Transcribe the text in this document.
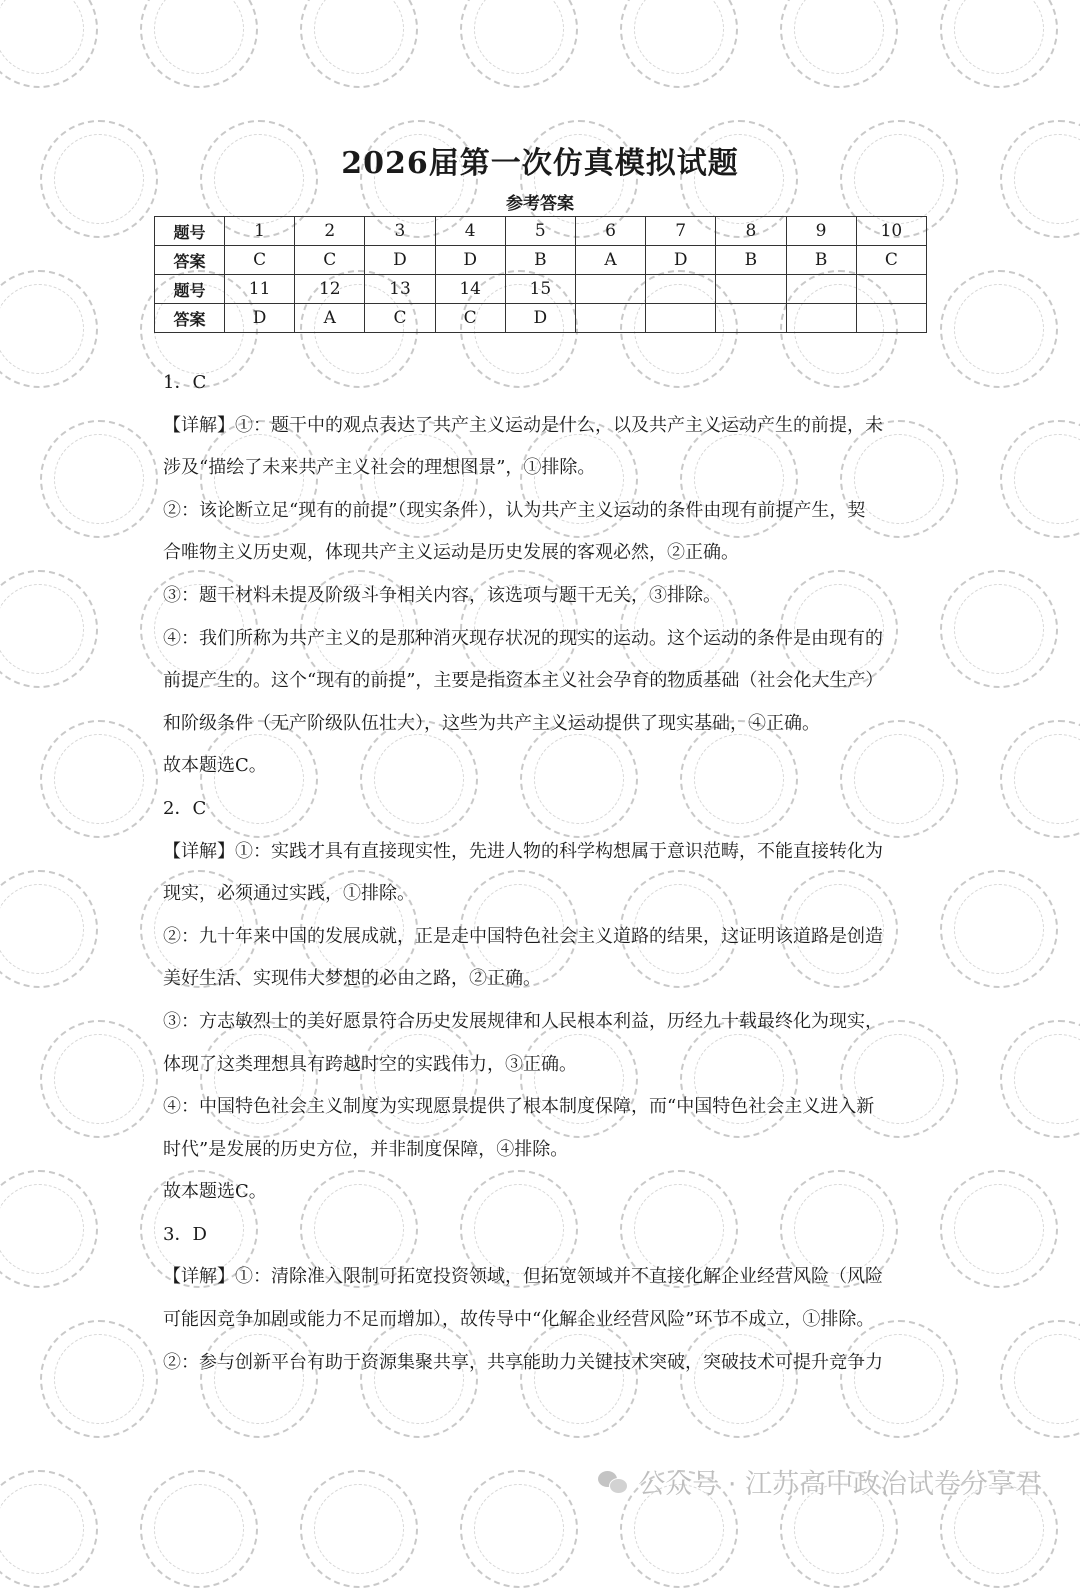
2026届第一次仿真模拟试题
参考答案
题号	1	2	3	4	5	6	7	8	9	10
答案	C	C	D	D	B	A	D	B	B	C
题号	11	12	13	14	15					
答案	D	A	C	C	D					

1．C

【详解】①：题干中的观点表达了共产主义运动是什么，以及共产主义运动产生的前提，未

涉及“描绘了未来共产主义社会的理想图景”，①排除。

②：该论断立足“现有的前提”（现实条件），认为共产主义运动的条件由现有前提产生，契

合唯物主义历史观，体现共产主义运动是历史发展的客观必然，②正确。

③：题干材料未提及阶级斗争相关内容，该选项与题干无关，③排除。

④：我们所称为共产主义的是那种消灭现存状况的现实的运动。这个运动的条件是由现有的

前提产生的。这个“现有的前提”，主要是指资本主义社会孕育的物质基础（社会化大生产）

和阶级条件（无产阶级队伍壮大），这些为共产主义运动提供了现实基础，④正确。

故本题选C。

2．C

【详解】①：实践才具有直接现实性，先进人物的科学构想属于意识范畴，不能直接转化为

现实，必须通过实践，①排除。

②：九十年来中国的发展成就，正是走中国特色社会主义道路的结果，这证明该道路是创造

美好生活、实现伟大梦想的必由之路，②正确。

③：方志敏烈士的美好愿景符合历史发展规律和人民根本利益，历经九十载最终化为现实，

体现了这类理想具有跨越时空的实践伟力，③正确。

④：中国特色社会主义制度为实现愿景提供了根本制度保障，而“中国特色社会主义进入新

时代”是发展的历史方位，并非制度保障，④排除。

故本题选C。

3．D

【详解】①：清除准入限制可拓宽投资领域，但拓宽领域并不直接化解企业经营风险（风险

可能因竞争加剧或能力不足而增加），故传导中“化解企业经营风险”环节不成立，①排除。

②：参与创新平台有助于资源集聚共享，共享能助力关键技术突破，突破技术可提升竞争力

公众号 · 江苏高中政治试卷分享君
